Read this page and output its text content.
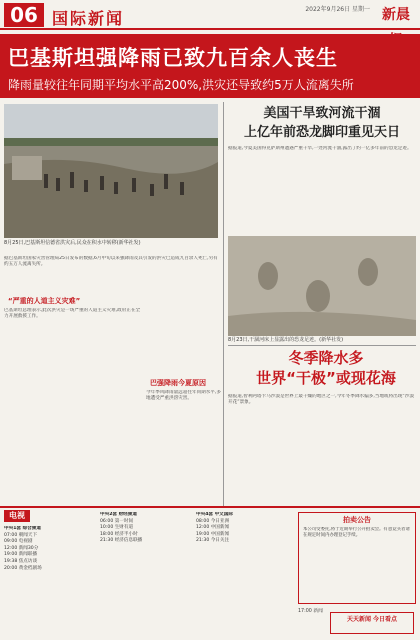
06 国际新闻	2022年9月26日 星期一 新晨
巴基斯坦强降雨已致九百余人丧生
降雨量较往年同期平均水平高200%,洪灾还导致约5万人流离失所
8月25日,巴基斯坦信德省洪灾后,民众在积水中转移(新华社发)
据巴基斯坦国家灾害管理局25日发布的数据,6月中旬以来强降雨及其引发的洪灾已造成九百余人死亡,另有约五万人流离失所。
“严重的人道主义灾难”
巴基斯坦总理表示,此次洪灾是一场严重的人道主义灾难,政府正在全力开展救援工作。
巴强降雨今夏原因
今年季风降雨量远超往年同期水平,多地遭受严重洪涝灾害。
美国干旱致河流干涸
上亿年前恐龙脚印重见天日
据报道,今夏美国得克萨斯州遭遇严重干旱,一处河流干涸,露出了约一亿多年前的恐龙足迹。
8月23日,干涸河床上显露出的恐龙足迹。(新华社发)
冬季降水多
世界“干极”或现花海
据报道,智利阿塔卡马沙漠是世界上最干燥的地区之一,今年冬季降水偏多,当地或将出现“沙漠开花”景象。
电视
中央1套 综合频道
07:00 朝闻天下
09:00 电视剧
12:00 新闻30分
19:00 新闻联播
19:38 焦点访谈
20:00 黄金档剧场
中央2套 财经频道
06:00 第一时间
10:00 生财有道
18:00 经济半小时
21:30 经济信息联播
中央4套 中文国际
08:00 今日亚洲
12:00 中国新闻
19:00 中国新闻
21:30 今日关注
拍卖公告
本公司受委托,将于近期举行公开拍卖会。有意竞买者请在规定时间内办理登记手续。
17:00 新闻
天天新闻 今日看点
